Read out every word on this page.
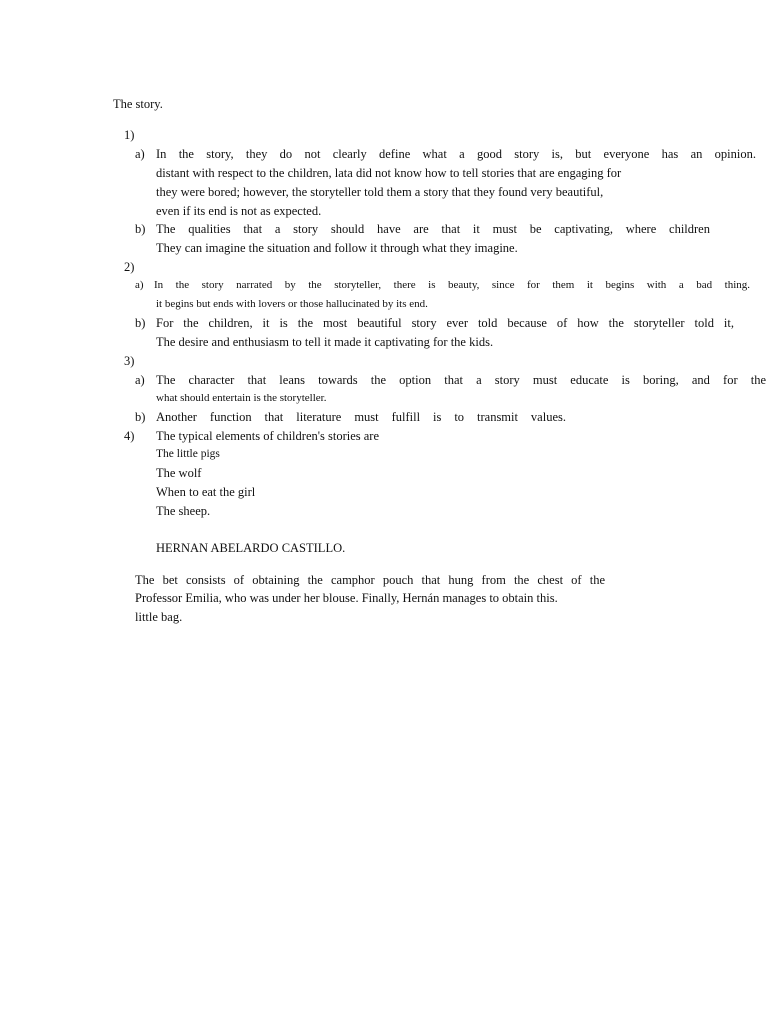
The story.
1)
a) In the story, they do not clearly define what a good story is, but everyone has an opinion.
distant with respect to the children, lata did not know how to tell stories that are engaging for
they were bored; however, the storyteller told them a story that they found very beautiful,
even if its end is not as expected.
b) The qualities that a story should have are that it must be captivating, where children
They can imagine the situation and follow it through what they imagine.
2)
a) In the story narrated by the storyteller, there is beauty, since for them it begins with a bad thing.
it begins but ends with lovers or those hallucinated by its end.
b) For the children, it is the most beautiful story ever told because of how the storyteller told it,
The desire and enthusiasm to tell it made it captivating for the kids.
3)
a) The character that leans towards the option that a story must educate is boring, and for the
what should entertain is the storyteller.
b) Another function that literature must fulfill is to transmit values.
4) The typical elements of children's stories are
The little pigs
The wolf
When to eat the girl
The sheep.
HERNAN ABELARDO CASTILLO.
The bet consists of obtaining the camphor pouch that hung from the chest of the
Professor Emilia, who was under her blouse. Finally, Hernán manages to obtain this.
little bag.
